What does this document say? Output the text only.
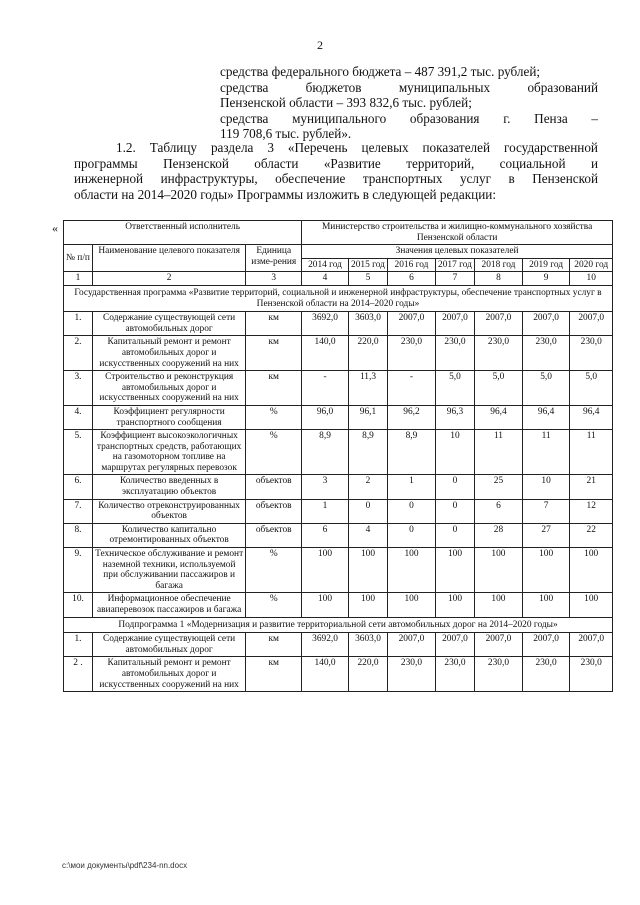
2
средства федерального бюджета – 487 391,2 тыс. рублей;
средства бюджетов муниципальных образований
Пензенской области – 393 832,6 тыс. рублей;
средства муниципального образования г. Пенза –
119 708,6 тыс. рублей».
1.2. Таблицу раздела 3 «Перечень целевых показателей государственной
программы Пензенской области «Развитие территорий, социальной и
инженерной инфраструктуры, обеспечение транспортных услуг в Пензенской
области на 2014–2020 годы» Программы изложить в следующей редакции:
«	Ответственный исполнитель			Министерство строительства и жилищно-коммунального хозяйства Пензенской области						
№ п/п	Наименование целевого показателя	Единица изме-рения	Значения целевых показателей						
			2014 год	2015 год	2016 год	2017 год	2018 год	2019 год	2020 год
1	2	3	4	5	6	7	8	9	10
Государственная программа «Развитие территорий, социальной и инженерной инфраструктуры, обеспечение транспортных услуг в Пензенской области на 2014–2020 годы»									
1.	Содержание существующей сети автомобильных дорог	км	3692,0	3603,0	2007,0	2007,0	2007,0	2007,0	2007,0
2.	Капитальный ремонт и ремонт автомобильных дорог и искусственных сооружений на них	км	140,0	220,0	230,0	230,0	230,0	230,0	230,0
3.	Строительство и реконструкция автомобильных дорог и искусственных сооружений на них	км	-	11,3	-	5,0	5,0	5,0	5,0
4.	Коэффициент регулярности транспортного сообщения	%	96,0	96,1	96,2	96,3	96,4	96,4	96,4
5.	Коэффициент высокоэкологичных транспортных средств, работающих на газомоторном топливе на маршрутах регулярных перевозок	%	8,9	8,9	8,9	10	11	11	11
6.	Количество введенных в эксплуатацию объектов	объектов	3	2	1	0	25	10	21
7.	Количество отреконструированных объектов	объектов	1	0	0	0	6	7	12
8.	Количество капитально отремонтированных объектов	объектов	6	4	0	0	28	27	22
9.	Техническое обслуживание и ремонт наземной техники, используемой при обслуживании пассажиров и багажа	%	100	100	100	100	100	100	100
10.	Информационное обеспечение авиаперевозок пассажиров и багажа	%	100	100	100	100	100	100	100
Подпрограмма 1 «Модернизация и развитие территориальной сети автомобильных дорог на 2014–2020 годы»									
1.	Содержание существующей сети автомобильных дорог	км	3692,0	3603,0	2007,0	2007,0	2007,0	2007,0	2007,0
2 .	Капитальный ремонт и ремонт автомобильных дорог и искусственных сооружений на них	км	140,0	220,0	230,0	230,0	230,0	230,0	230,0
c:\мои документы\pdf\234-nn.docx
